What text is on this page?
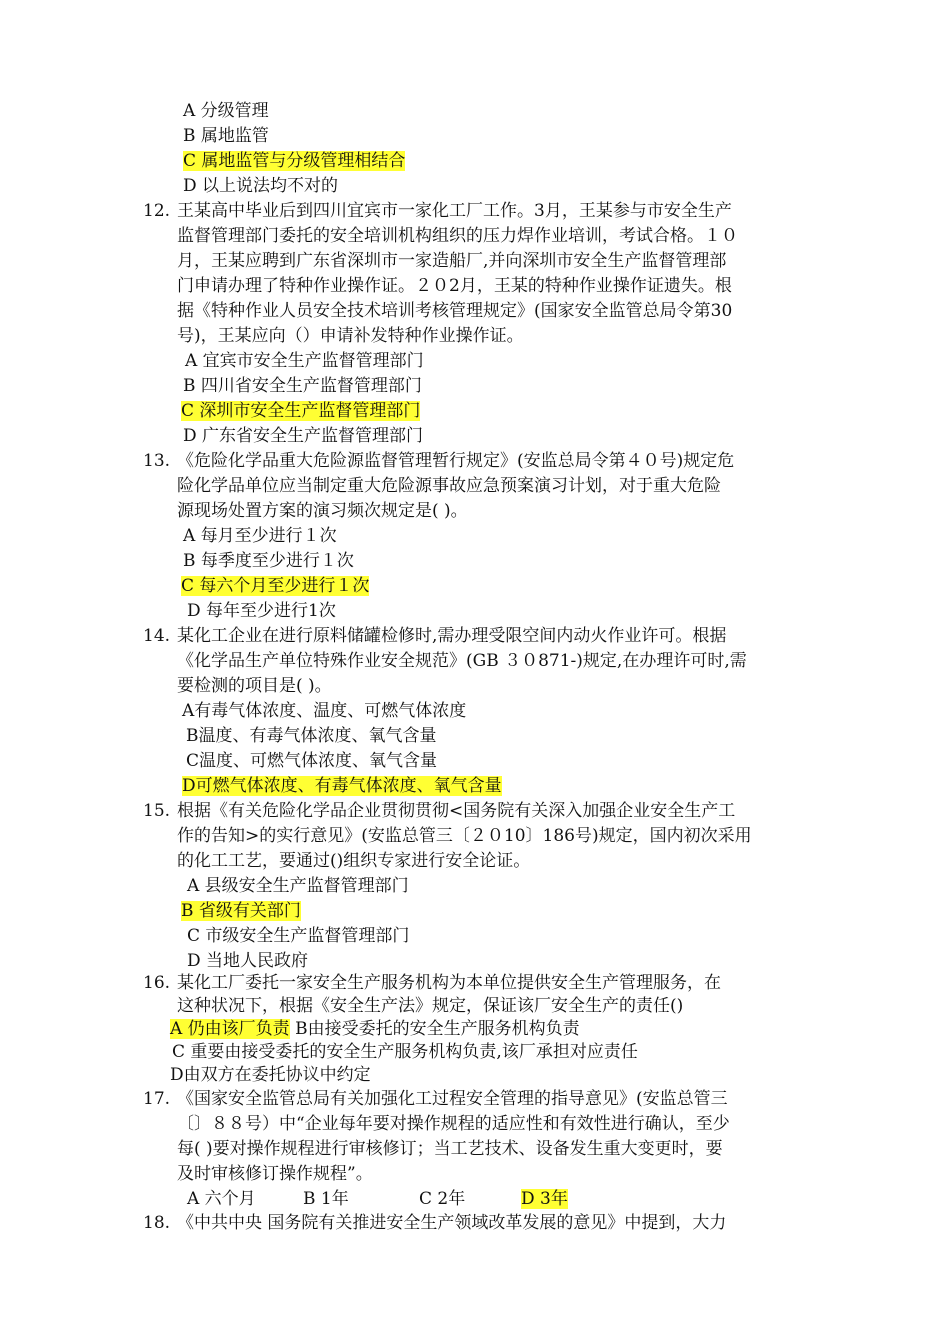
A 分级管理
B 属地监管
C 属地监管与分级管理相结合
D 以上说法均不对的
12. 王某高中毕业后到四川宜宾市一家化工厂工作。3月，王某参与市安全生产
监督管理部门委托的安全培训机构组织的压力焊作业培训，考试合格。１０
月，王某应聘到广东省深圳市一家造船厂,并向深圳市安全生产监督管理部
门申请办理了特种作业操作证。２０2月，王某的特种作业操作证遗失。根
据《特种作业人员安全技术培训考核管理规定》(国家安全监管总局令第30
号)，王某应向（）申请补发特种作业操作证。
A 宜宾市安全生产监督管理部门
B 四川省安全生产监督管理部门
C 深圳市安全生产监督管理部门
D 广东省安全生产监督管理部门
13. 《危险化学品重大危险源监督管理暂行规定》(安监总局令第４０号)规定危
险化学品单位应当制定重大危险源事故应急预案演习计划，对于重大危险
源现场处置方案的演习频次规定是( )。
A 每月至少进行１次
B 每季度至少进行１次
C 每六个月至少进行１次
D 每年至少进行1次
14. 某化工企业在进行原料储罐检修时,需办理受限空间内动火作业许可。根据
《化学品生产单位特殊作业安全规范》(GB ３０871-)规定,在办理许可时,需
要检测的项目是( )。
A有毒气体浓度、温度、可燃气体浓度
B温度、有毒气体浓度、氧气含量
C温度、可燃气体浓度、氧气含量
D可燃气体浓度、有毒气体浓度、氧气含量
15. 根据《有关危险化学品企业贯彻贯彻<国务院有关深入加强企业安全生产工
作的告知>的实行意见》(安监总管三〔２０10〕186号)规定，国内初次采用
的化工工艺，要通过()组织专家进行安全论证。
A 县级安全生产监督管理部门
B 省级有关部门
C 市级安全生产监督管理部门
D 当地人民政府
16. 某化工厂委托一家安全生产服务机构为本单位提供安全生产管理服务，在
这种状况下，根据《安全生产法》规定，保证该厂安全生产的责任()
A 仍由该厂负责 B由接受委托的安全生产服务机构负责
C 重要由接受委托的安全生产服务机构负责,该厂承担对应责任
D由双方在委托协议中约定
17. 《国家安全监管总局有关加强化工过程安全管理的指导意见》(安监总管三
〔〕８８号）中“企业每年要对操作规程的适应性和有效性进行确认，至少
每( )要对操作规程进行审核修订；当工艺技术、设备发生重大变更时，要
及时审核修订操作规程”。
A 六个月	B 1年	C 2年	D 3年
18. 《中共中央 国务院有关推进安全生产领域改革发展的意见》中提到，大力
